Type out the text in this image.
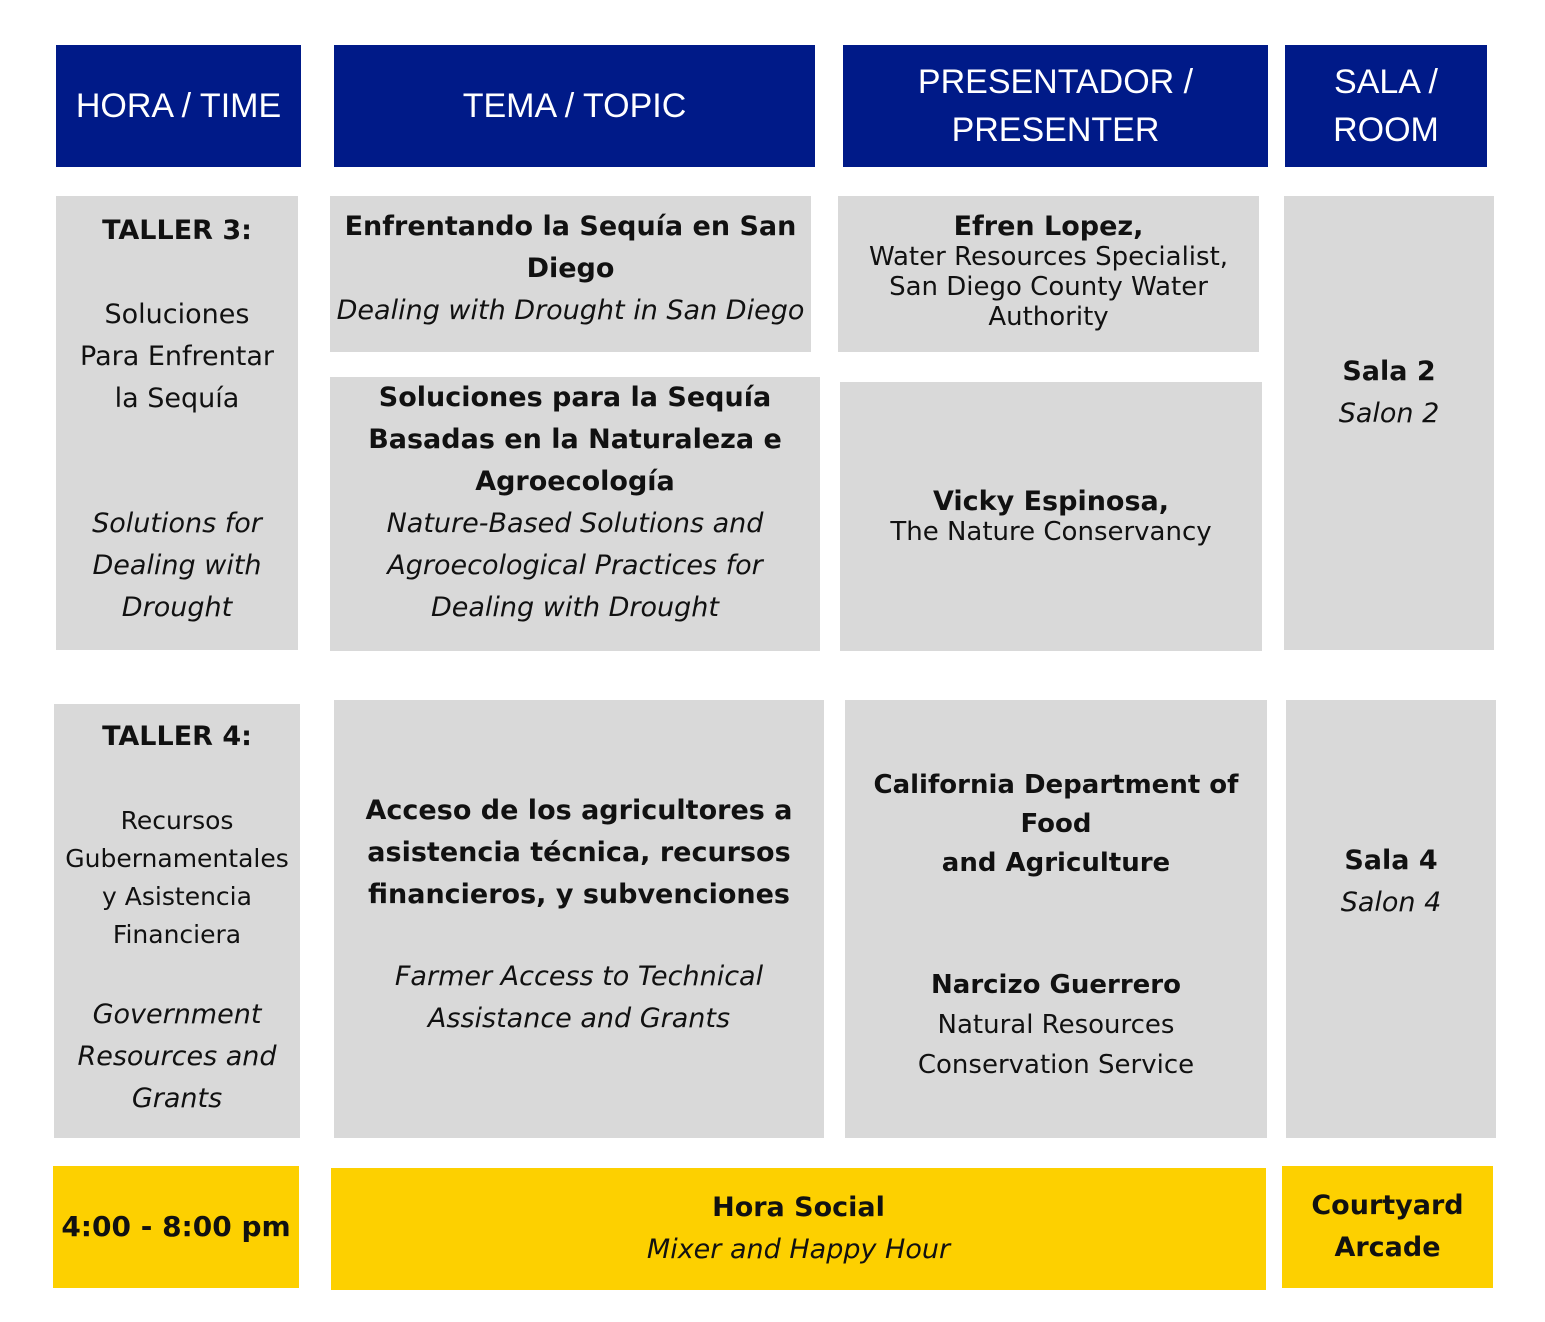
HORA / TIME	TEMA / TOPIC
PRESENTADOR /
PRESENTER
SALA /
ROOM
TALLER 3:
Soluciones
Para Enfrentar
la Sequía
Solutions for
Dealing with
Drought
Enfrentando la Sequía en San
Diego
Dealing with Drought in San Diego
Soluciones para la Sequía
Basadas en la Naturaleza e
Agroecología
Nature-Based Solutions and
Agroecological Practices for
Dealing with Drought
Efren Lopez,
Water Resources Specialist,
San Diego County Water
Authority
Vicky Espinosa,
The Nature Conservancy
Sala 2
Salon 2
TALLER 4:
Recursos
Gubernamentales
y Asistencia
Financiera
Government
Resources and
Grants
Acceso de los agricultores a
asistencia técnica, recursos
financieros, y subvenciones
Farmer Access to Technical
Assistance and Grants
California Department of Food
and Agriculture
Narcizo Guerrero
Natural Resources
Conservation Service
Sala 4
Salon 4
4:00 - 8:00 pm
Hora Social
Mixer and Happy Hour
Courtyard
Arcade
